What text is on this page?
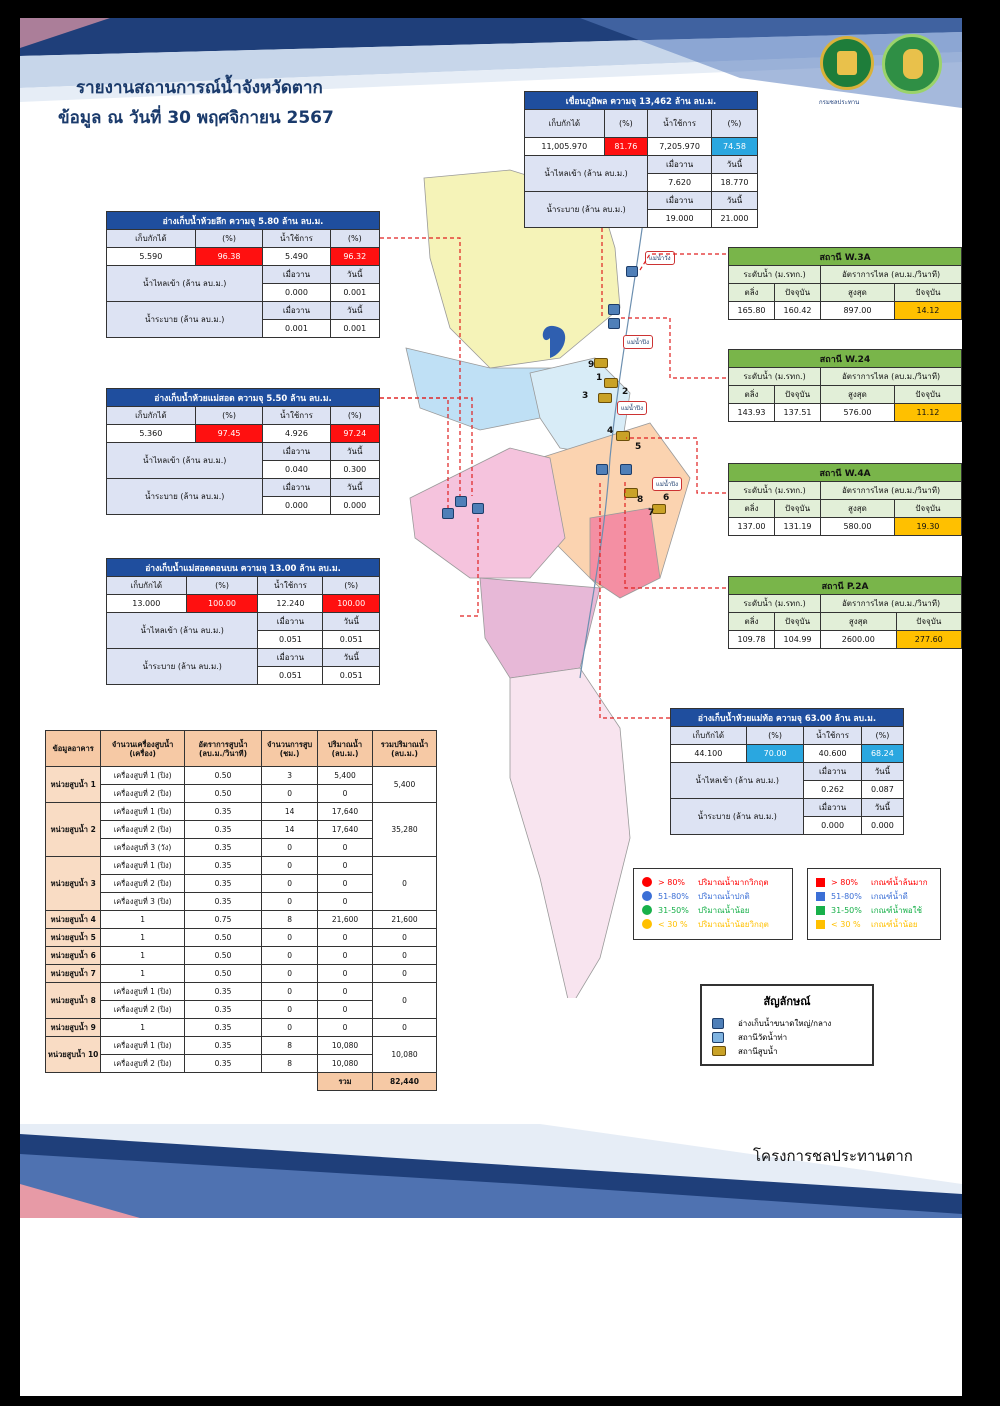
กรมชลประทาน
รายงานสถานการณ์น้ำจังหวัดตาก
ข้อมูล ณ วันที่ 30 พฤศจิกายน 2567
แม่น้ำวัง
แม่น้ำปิง
แม่น้ำปิง
แม่น้ำปิง
9
1
2
3
4
5
6
7
8
เขื่อนภูมิพล ความจุ 13,462 ล้าน ลบ.ม.			
เก็บกักได้	(%)	น้ำใช้การ	(%)
11,005.970	81.76	7,205.970	74.58
น้ำไหลเข้า (ล้าน ลบ.ม.)		เมื่อวาน	วันนี้
		7.620	18.770
น้ำระบาย (ล้าน ลบ.ม.)		เมื่อวาน	วันนี้
		19.000	21.000
อ่างเก็บน้ำห้วยลึก ความจุ 5.80 ล้าน ลบ.ม.			
เก็บกักได้	(%)	น้ำใช้การ	(%)
5.590	96.38	5.490	96.32
น้ำไหลเข้า (ล้าน ลบ.ม.)		เมื่อวาน	วันนี้
		0.000	0.001
น้ำระบาย (ล้าน ลบ.ม.)		เมื่อวาน	วันนี้
		0.001	0.001
อ่างเก็บน้ำห้วยแม่สอด ความจุ 5.50 ล้าน ลบ.ม.			
เก็บกักได้	(%)	น้ำใช้การ	(%)
5.360	97.45	4.926	97.24
น้ำไหลเข้า (ล้าน ลบ.ม.)		เมื่อวาน	วันนี้
		0.040	0.300
น้ำระบาย (ล้าน ลบ.ม.)		เมื่อวาน	วันนี้
		0.000	0.000
อ่างเก็บน้ำแม่สอดตอนบน ความจุ 13.00 ล้าน ลบ.ม.			
เก็บกักได้	(%)	น้ำใช้การ	(%)
13.000	100.00	12.240	100.00
น้ำไหลเข้า (ล้าน ลบ.ม.)		เมื่อวาน	วันนี้
		0.051	0.051
น้ำระบาย (ล้าน ลบ.ม.)		เมื่อวาน	วันนี้
		0.051	0.051
อ่างเก็บน้ำห้วยแม่ท้อ ความจุ 63.00 ล้าน ลบ.ม.			
เก็บกักได้	(%)	น้ำใช้การ	(%)
44.100	70.00	40.600	68.24
น้ำไหลเข้า (ล้าน ลบ.ม.)		เมื่อวาน	วันนี้
		0.262	0.087
น้ำระบาย (ล้าน ลบ.ม.)		เมื่อวาน	วันนี้
		0.000	0.000
สถานี W.3A			
ระดับน้ำ (ม.รทก.)		อัตราการไหล (ลบ.ม./วินาที)	
ตลิ่ง	ปัจจุบัน	สูงสุด	ปัจจุบัน
165.80	160.42	897.00	14.12
สถานี W.24			
ระดับน้ำ (ม.รทก.)		อัตราการไหล (ลบ.ม./วินาที)	
ตลิ่ง	ปัจจุบัน	สูงสุด	ปัจจุบัน
143.93	137.51	576.00	11.12
สถานี W.4A			
ระดับน้ำ (ม.รทก.)		อัตราการไหล (ลบ.ม./วินาที)	
ตลิ่ง	ปัจจุบัน	สูงสุด	ปัจจุบัน
137.00	131.19	580.00	19.30
สถานี P.2A			
ระดับน้ำ (ม.รทก.)		อัตราการไหล (ลบ.ม./วินาที)	
ตลิ่ง	ปัจจุบัน	สูงสุด	ปัจจุบัน
109.78	104.99	2600.00	277.60
ข้อมูลอาคาร	จำนวนเครื่องสูบน้ำ (เครื่อง)	อัตราการสูบน้ำ (ลบ.ม./วินาที)	จำนวนการสูบ (ชม.)	ปริมาณน้ำ (ลบ.ม.)	รวมปริมาณน้ำ (ลบ.ม.)
หน่วยสูบน้ำ 1	เครื่องสูบที่ 1 (ปิง)	0.50	3	5,400	5,400
	เครื่องสูบที่ 2 (ปิง)	0.50	0	0	
หน่วยสูบน้ำ 2	เครื่องสูบที่ 1 (ปิง)	0.35	14	17,640	35,280
	เครื่องสูบที่ 2 (ปิง)	0.35	14	17,640	
	เครื่องสูบที่ 3 (วัง)	0.35	0	0	
หน่วยสูบน้ำ 3	เครื่องสูบที่ 1 (ปิง)	0.35	0	0	0
	เครื่องสูบที่ 2 (ปิง)	0.35	0	0	
	เครื่องสูบที่ 3 (ปิง)	0.35	0	0	
หน่วยสูบน้ำ 4	1	0.75	8	21,600	21,600
หน่วยสูบน้ำ 5	1	0.50	0	0	0
หน่วยสูบน้ำ 6	1	0.50	0	0	0
หน่วยสูบน้ำ 7	1	0.50	0	0	0
หน่วยสูบน้ำ 8	เครื่องสูบที่ 1 (ปิง)	0.35	0	0	0
	เครื่องสูบที่ 2 (ปิง)	0.35	0	0	
หน่วยสูบน้ำ 9	1	0.35	0	0	0
หน่วยสูบน้ำ 10	เครื่องสูบที่ 1 (ปิง)	0.35	8	10,080	10,080
	เครื่องสูบที่ 2 (ปิง)	0.35	8	10,080	
				รวม	82,440
> 80%	ปริมาณน้ำมากวิกฤต
51-80%	ปริมาณน้ำปกติ
31-50%	ปริมาณน้ำน้อย
< 30 %	ปริมาณน้ำน้อยวิกฤต
> 80%	เกณฑ์น้ำล้นมาก
51-80%	เกณฑ์น้ำดี
31-50%	เกณฑ์น้ำพอใช้
< 30 %	เกณฑ์น้ำน้อย
สัญลักษณ์
อ่างเก็บน้ำขนาดใหญ่/กลาง
สถานีวัดน้ำท่า
สถานีสูบน้ำ
โครงการชลประทานตาก
